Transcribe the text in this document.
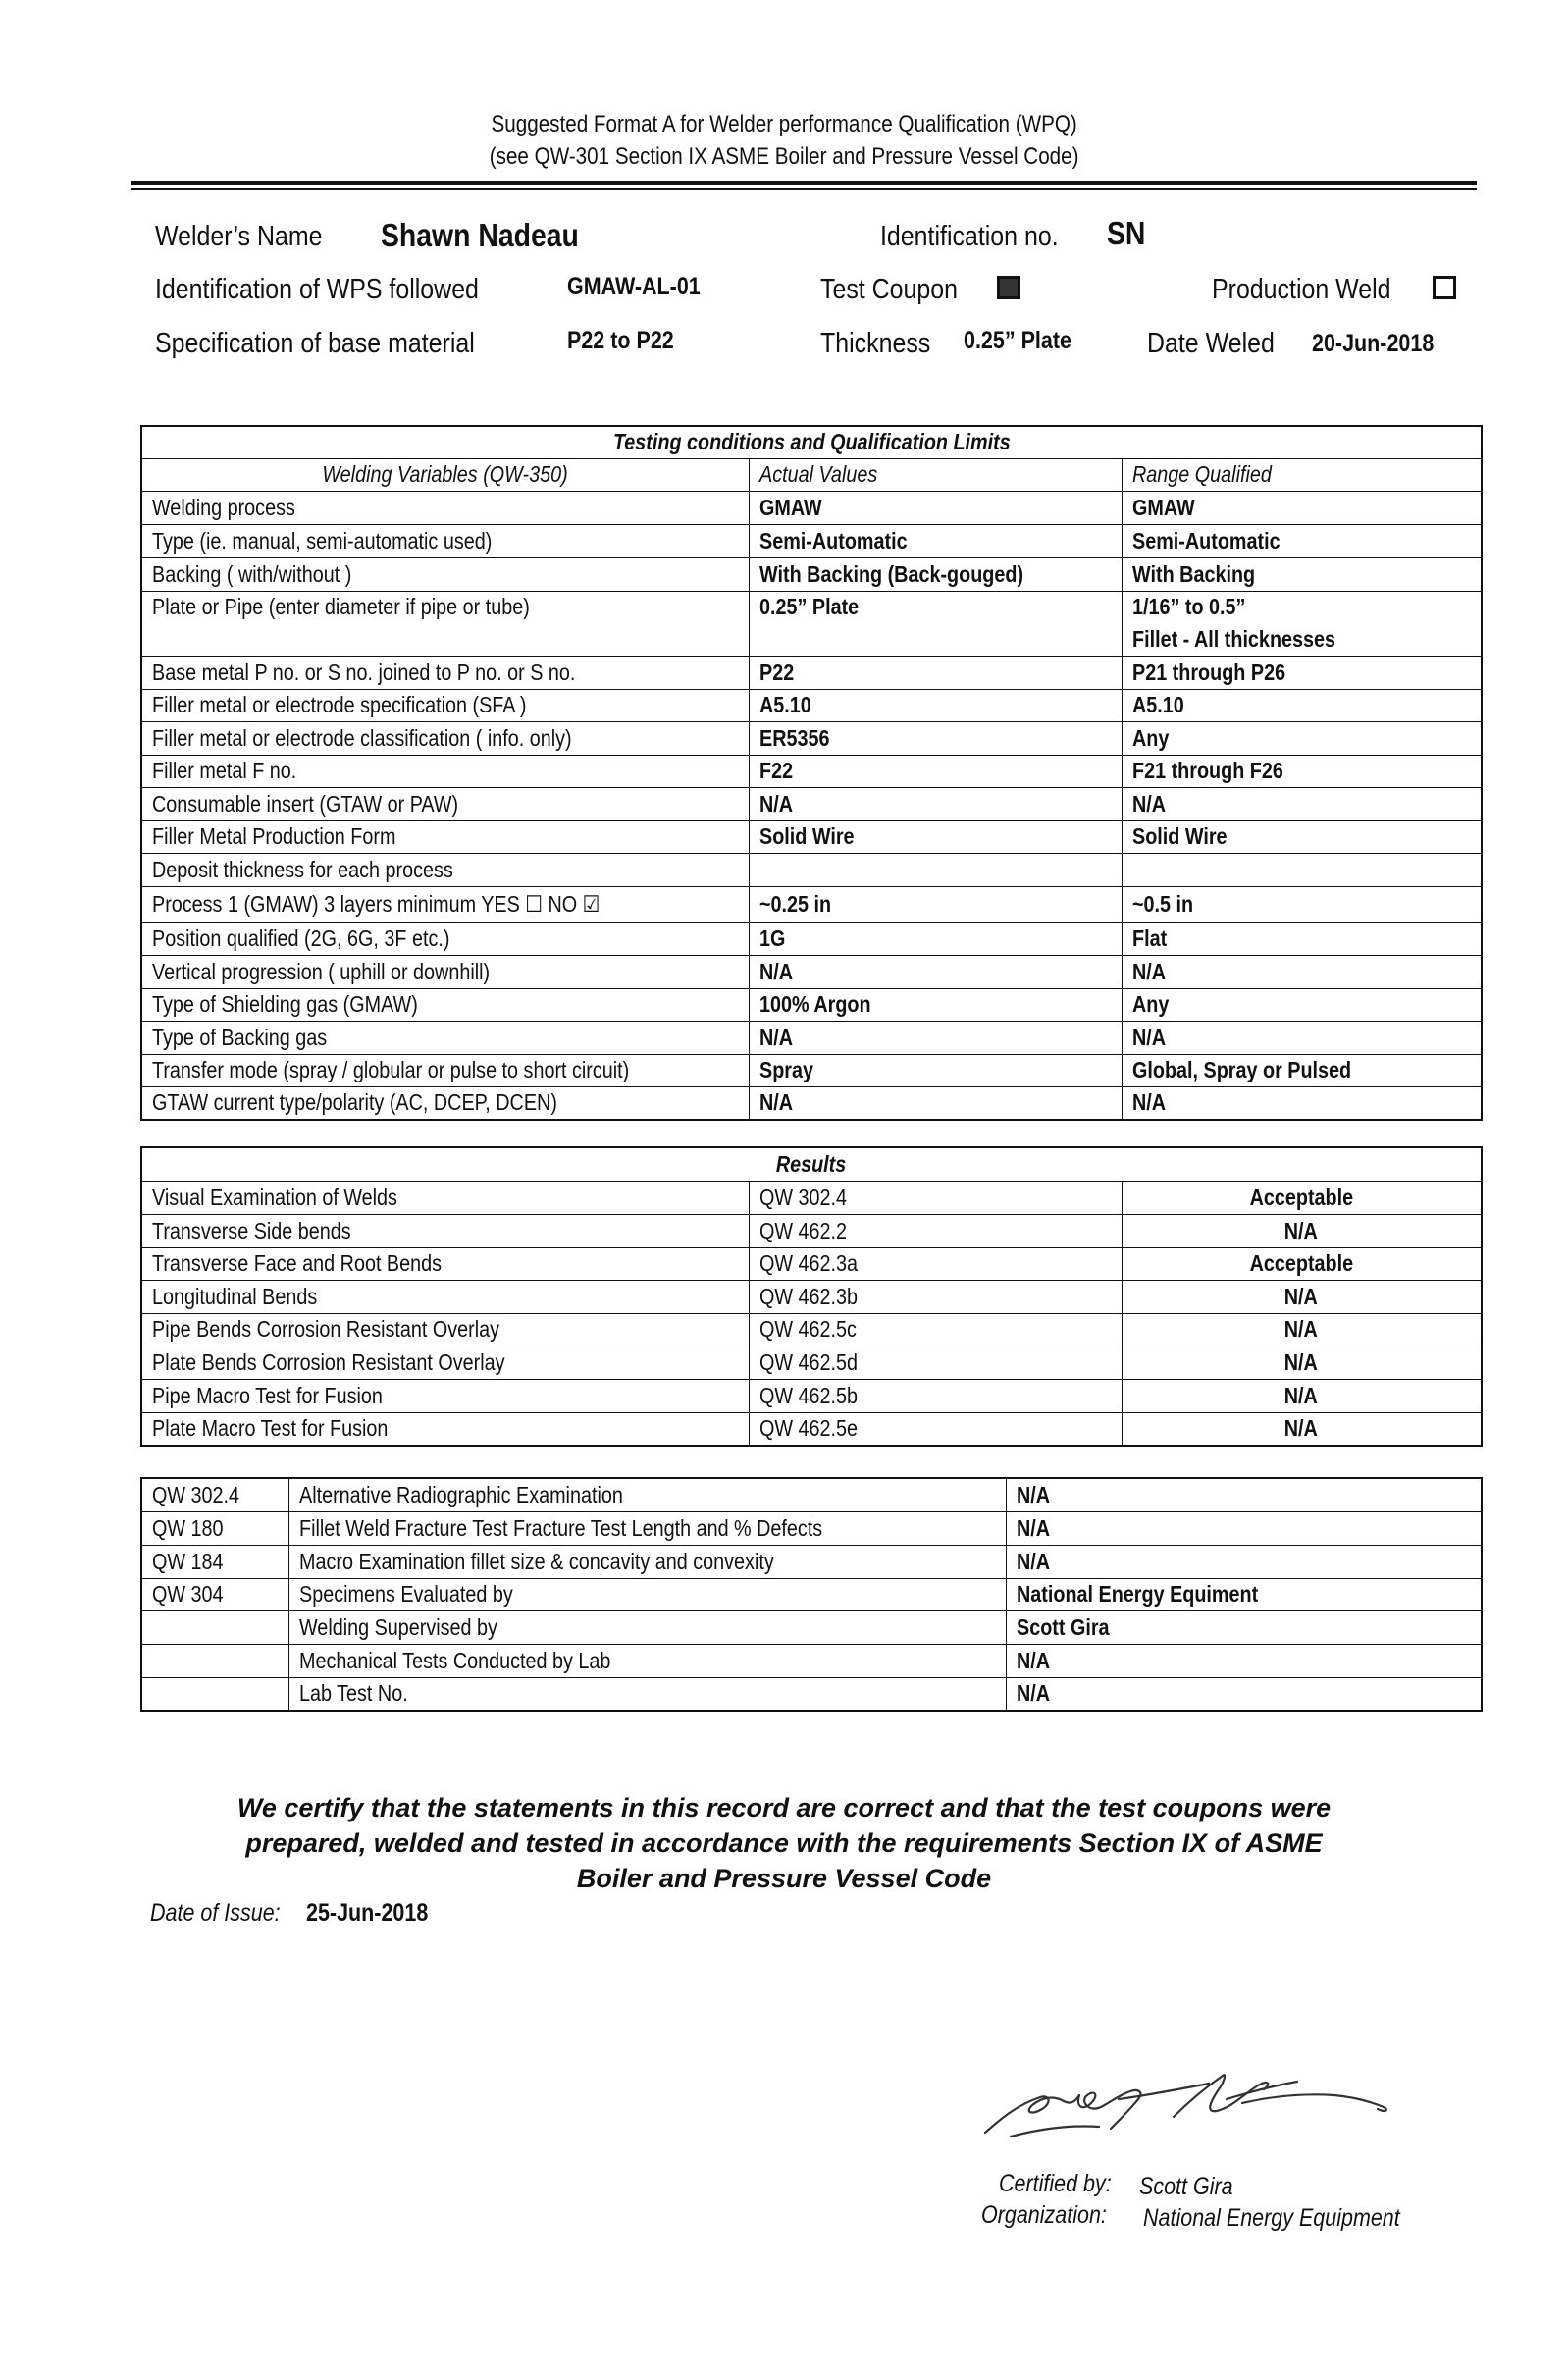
Suggested Format A for Welder performance Qualification (WPQ)
(see QW-301 Section IX ASME Boiler and Pressure Vessel Code)
Welder’s Name Shawn Nadeau	Identification no. SN
Identification of WPS followed	GMAW-AL-01	Test Coupon	Production Weld
Specification of base material	P22 to P22	Thickness 0.25” Plate	Date Weled 20-Jun-2018
Testing conditions and Qualification Limits		
Welding Variables (QW-350)	Actual Values	Range Qualified
Welding process	GMAW	GMAW
Type (ie. manual, semi-automatic used)	Semi-Automatic	Semi-Automatic
Backing ( with/without )	With Backing (Back-gouged)	With Backing
Plate or Pipe (enter diameter if pipe or tube)	0.25” Plate	1/16” to 0.5”
		Fillet - All thicknesses
Base metal P no. or S no. joined to P no. or S no.	P22	P21 through P26
Filler metal or electrode specification (SFA )	A5.10	A5.10
Filler metal or electrode classification ( info. only)	ER5356	Any
Filler metal F no.	F22	F21 through F26
Consumable insert (GTAW or PAW)	N/A	N/A
Filler Metal Production Form	Solid Wire	Solid Wire
Deposit thickness for each process		
Process 1 (GMAW) 3 layers minimum YES ☐ NO ☑	~0.25 in	~0.5 in
Position qualified (2G, 6G, 3F etc.)	1G	Flat
Vertical progression ( uphill or downhill)	N/A	N/A
Type of Shielding gas (GMAW)	100% Argon	Any
Type of Backing gas	N/A	N/A
Transfer mode (spray / globular or pulse to short circuit)	Spray	Global, Spray or Pulsed
GTAW current type/polarity (AC, DCEP, DCEN)	N/A	N/A
Results		
Visual Examination of Welds	QW 302.4	Acceptable
Transverse Side bends	QW 462.2	N/A
Transverse Face and Root Bends	QW 462.3a	Acceptable
Longitudinal Bends	QW 462.3b	N/A
Pipe Bends Corrosion Resistant Overlay	QW 462.5c	N/A
Plate Bends Corrosion Resistant Overlay	QW 462.5d	N/A
Pipe Macro Test for Fusion	QW 462.5b	N/A
Plate Macro Test for Fusion	QW 462.5e	N/A
QW 302.4	Alternative Radiographic Examination	N/A
QW 180	Fillet Weld Fracture Test Fracture Test Length and % Defects	N/A
QW 184	Macro Examination fillet size & concavity and convexity	N/A
QW 304	Specimens Evaluated by	National Energy Equiment
	Welding Supervised by	Scott Gira
	Mechanical Tests Conducted by Lab	N/A
	Lab Test No.	N/A
We certify that the statements in this record are correct and that the test coupons were
prepared, welded and tested in accordance with the requirements Section IX of ASME
Boiler and Pressure Vessel Code
Date of Issue: 25-Jun-2018
Certified by: Scott Gira
Organization: National Energy Equipment
